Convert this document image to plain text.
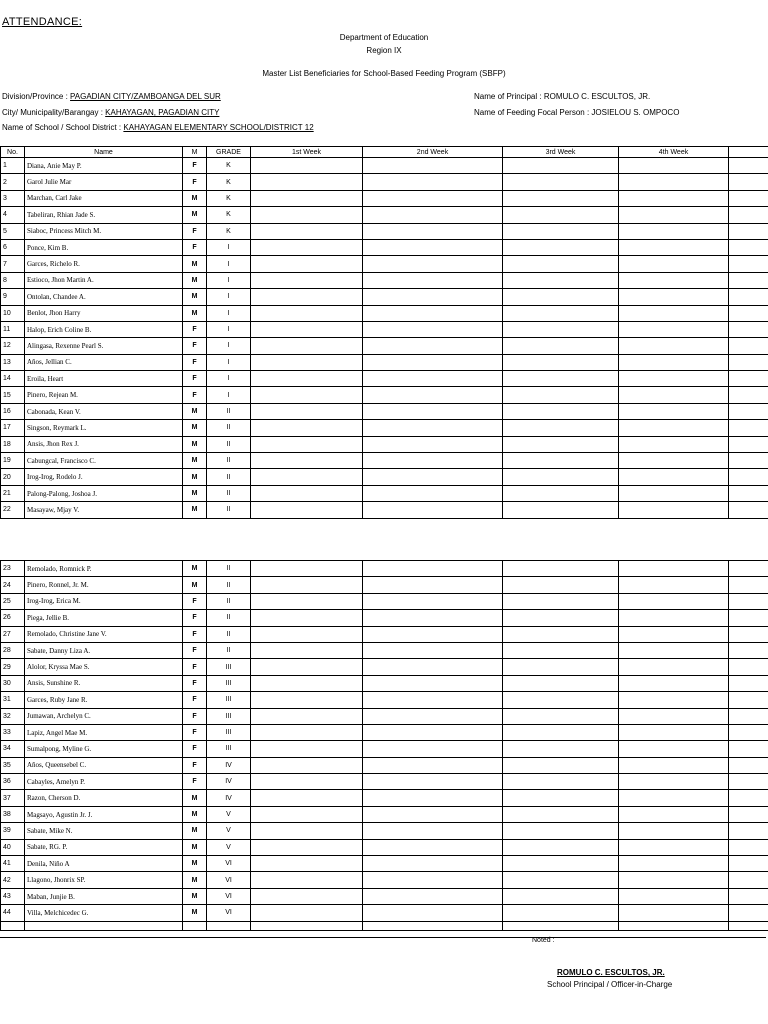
ATTENDANCE:
Department of Education
Region IX
Master List Beneficiaries for School-Based Feeding Program (SBFP)
Division/Province : PAGADIAN CITY/ZAMBOANGA DEL SUR
City/ Municipality/Barangay : KAHAYAGAN, PAGADIAN CITY
Name of School / School District : KAHAYAGAN ELEMENTARY SCHOOL/DISTRICT 12
Name of Principal : ROMULO C. ESCULTOS, JR.
Name of Feeding Focal Person : JOSIELOU S. OMPOCO
No.	Name	M	GRADE	1st Week	2nd Week	3rd Week	4th Week	
1	Diana, Anie May P.	F	K					
2	Garol Julie Mar	F	K					
3	Marchan, Carl Jake	M	K					
4	Tabeliran, Rhian Jade S.	M	K					
5	Siaboc, Princess Mitch M.	F	K					
6	Ponce, Kim B.	F	I					
7	Garces, Richelo R.	M	I					
8	Estioco, Jhon Martin A.	M	I					
9	Ontolan, Chandee A.	M	I					
10	Benlot, Jhon Harry	M	I					
11	Halop, Erich Coline B.	F	I					
12	Alingasa, Rexenne Pearl S.	F	I					
13	Años, Jellian C.	F	I					
14	Eroila, Heart	F	I					
15	Pinero, Rejean M.	F	I					
16	Cabonada, Kean V.	M	II					
17	Singson, Reymark L.	M	II					
18	Ansis, Jhon Rex J.	M	II					
19	Cabungcal, Francisco C.	M	II					
20	Irog-Irog, Rodelo J.	M	II					
21	Palong-Palong, Joshoa J.	M	II					
22	Masayaw, Mjay V.	M	II					
23	Remolado, Romnick P.	M	II					
24	Pinero, Ronnel, Jr. M.	M	II					
25	Irog-Irog, Erica M.	F	II					
26	Piega, Jellie B.	F	II					
27	Remolado, Christine Jane V.	F	II					
28	Sabate, Danny Liza A.	F	II					
29	Alolor, Kryssa Mae S.	F	III					
30	Ansis, Sunshine R.	F	III					
31	Garces, Ruby Jane R.	F	III					
32	Jumawan, Archelyn C.	F	III					
33	Lapiz, Angel Mae M.	F	III					
34	Sumalpong, Myline G.	F	III					
35	Años, Queensebel C.	F	IV					
36	Cabayles, Amelyn P.	F	IV					
37	Razon, Cherson D.	M	IV					
38	Magsayo, Agustin Jr. J.	M	V					
39	Sabate, Mike N.	M	V					
40	Sabate, RG. P.	M	V					
41	Denila, Niño A	M	VI					
42	Llagono, Jhonrix SP.	M	VI					
43	Maban, Junjie B.	M	VI					
44	Villa, Melchicedec G.	M	VI					

Noted :
ROMULO C. ESCULTOS, JR.
School Principal / Officer-in-Charge
